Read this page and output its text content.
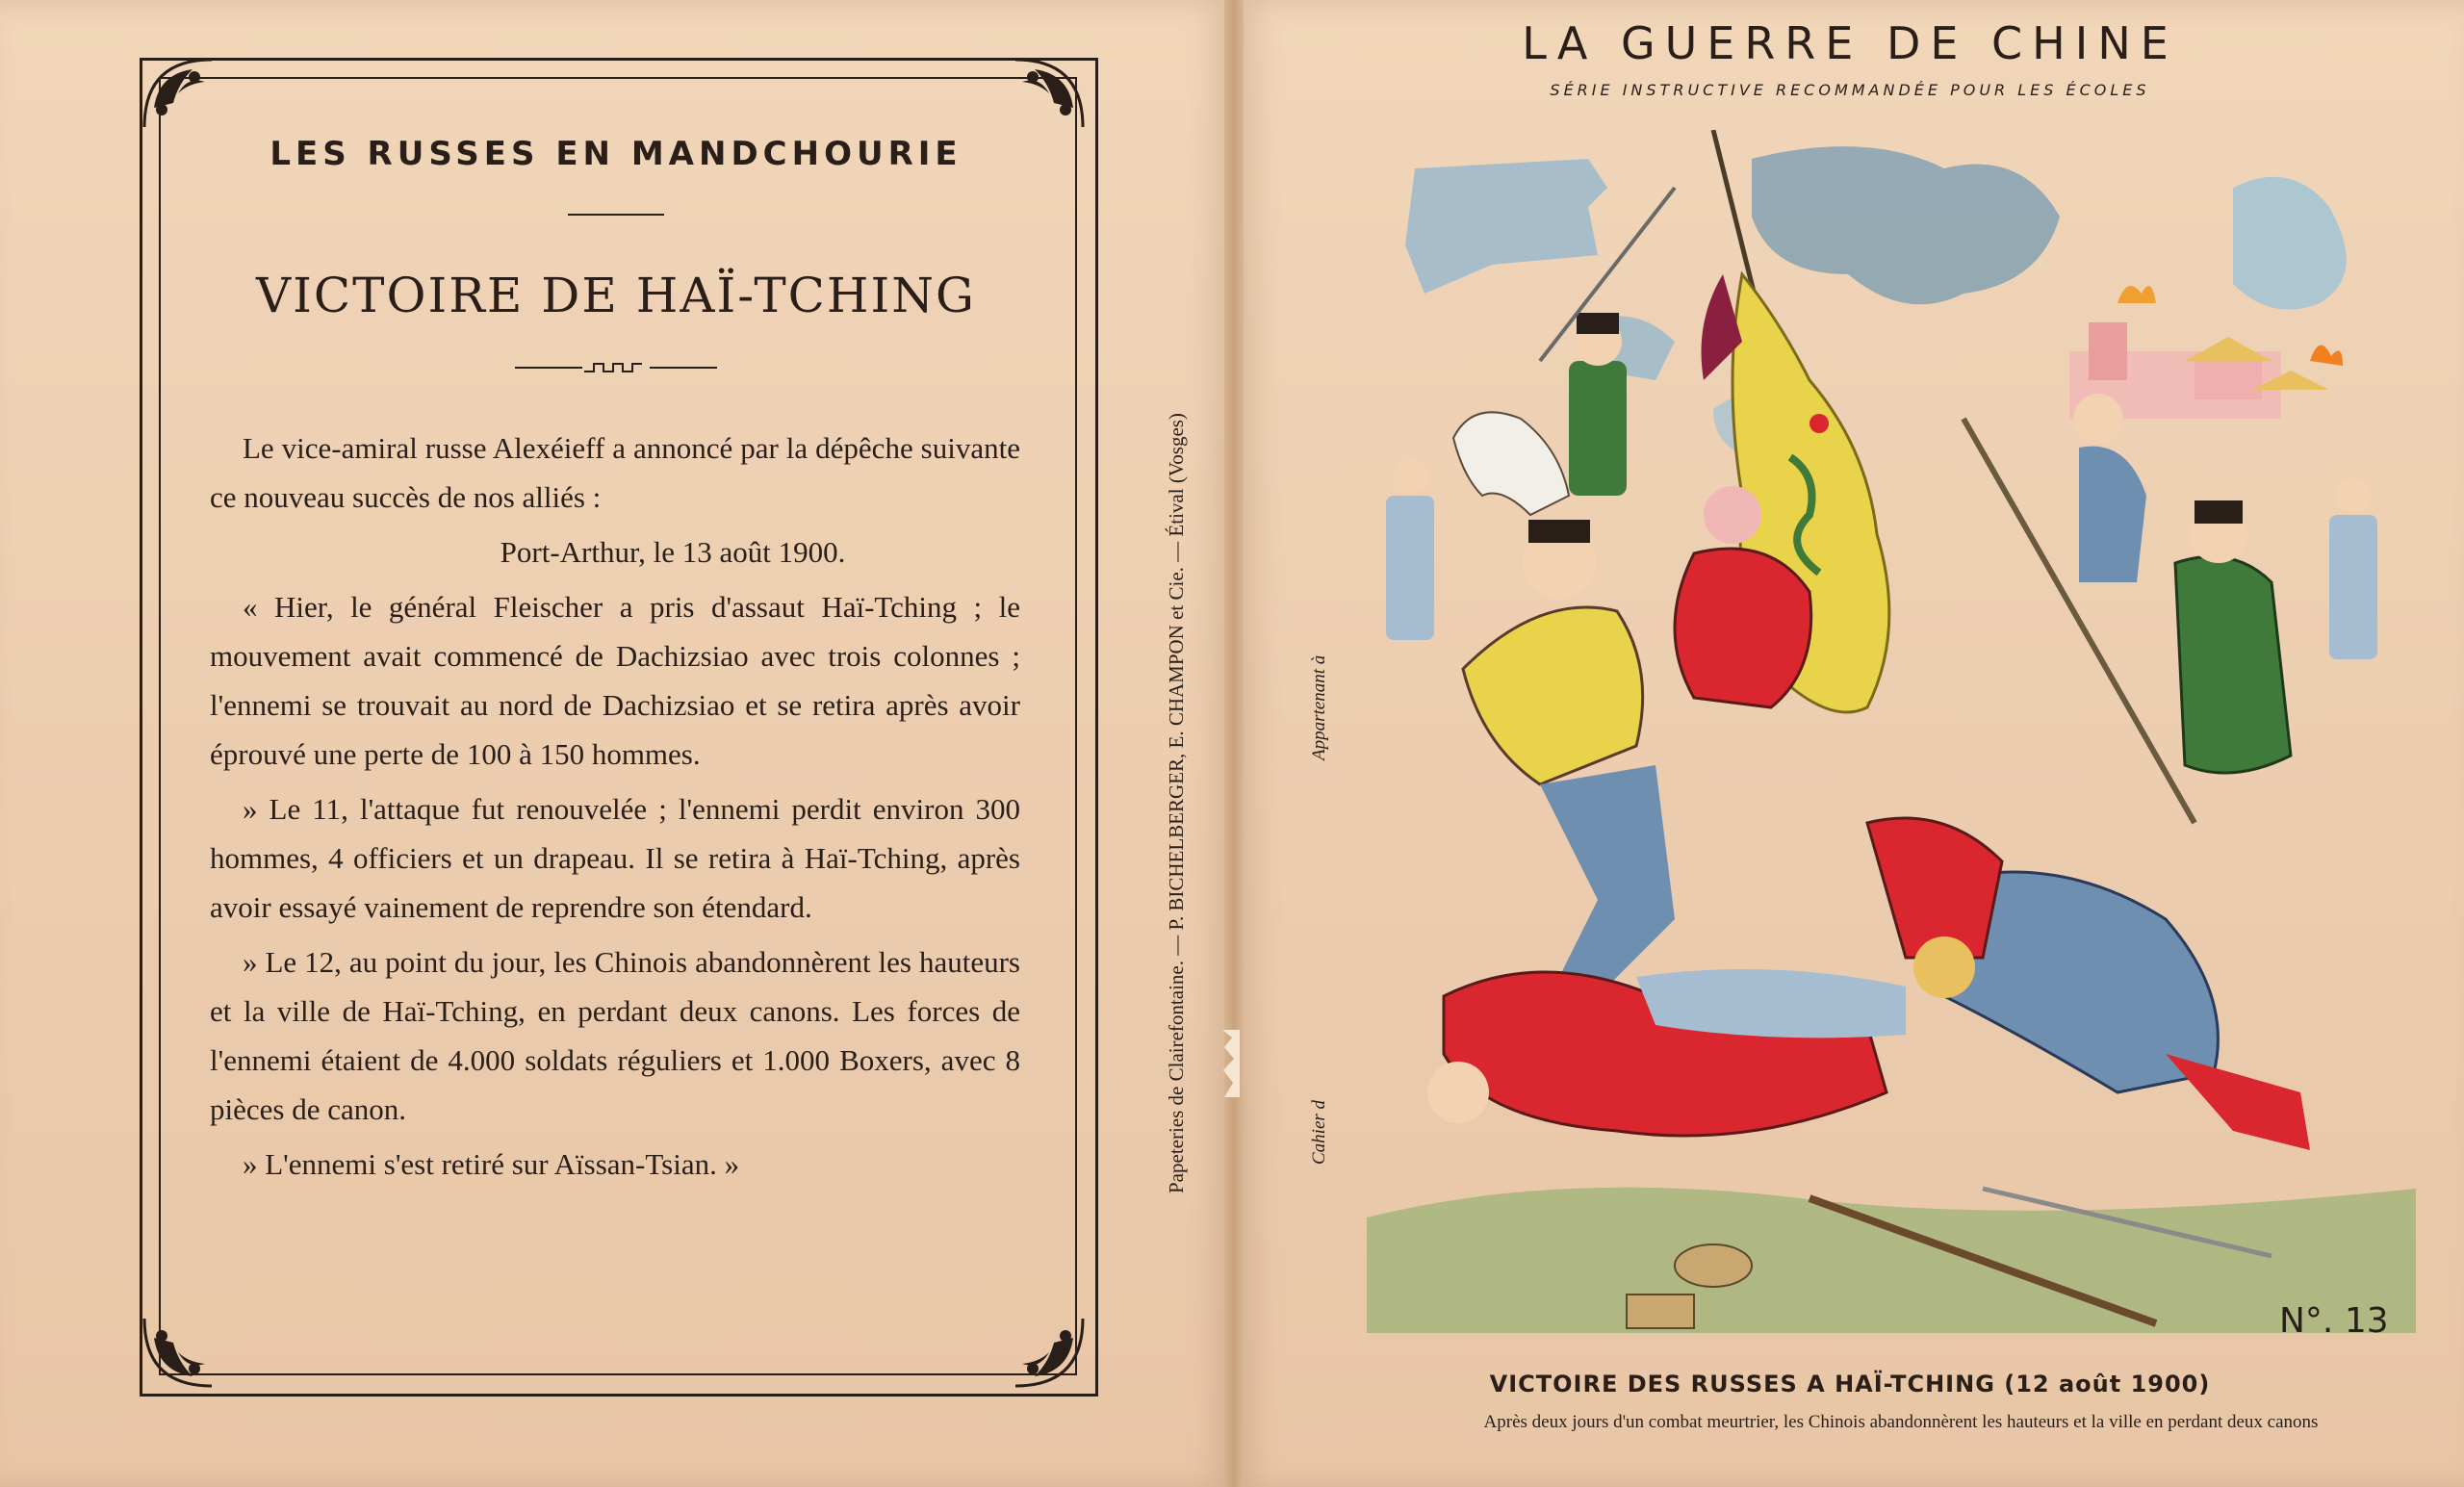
LES RUSSES EN MANDCHOURIE
VICTOIRE DE HAÏ-TCHING

Le vice-amiral russe Alexéieff a annoncé par la dépêche suivante ce nouveau succès de nos alliés :

Port-Arthur, le 13 août 1900.

« Hier, le général Fleischer a pris d'assaut Haï-Tching ; le mouvement avait commencé de Dachizsiao avec trois colonnes ; l'ennemi se trouvait au nord de Dachizsiao et se retira après avoir éprouvé une perte de 100 à 150 hommes.

» Le 11, l'attaque fut renouvelée ; l'ennemi perdit environ 300 hommes, 4 officiers et un drapeau. Il se retira à Haï-Tching, après avoir essayé vainement de reprendre son étendard.

» Le 12, au point du jour, les Chinois abandonnèrent les hauteurs et la ville de Haï-Tching, en perdant deux canons. Les forces de l'ennemi étaient de 4.000 soldats réguliers et 1.000 Boxers, avec 8 pièces de canon.

» L'ennemi s'est retiré sur Aïssan-Tsian. »	Papeteries de Clairefontaine. — P. BICHELBERGER, E. CHAMPON et Cie. — Étival (Vosges)
LA GUERRE DE CHINE
SÉRIE INSTRUCTIVE RECOMMANDÉE POUR LES ÉCOLES
Appartenant à
Cahier d
N°. 13
VICTOIRE DES RUSSES A HAÏ-TCHING (12 août 1900)
Après deux jours d'un combat meurtrier, les Chinois abandonnèrent les hauteurs et la ville en perdant deux canons
